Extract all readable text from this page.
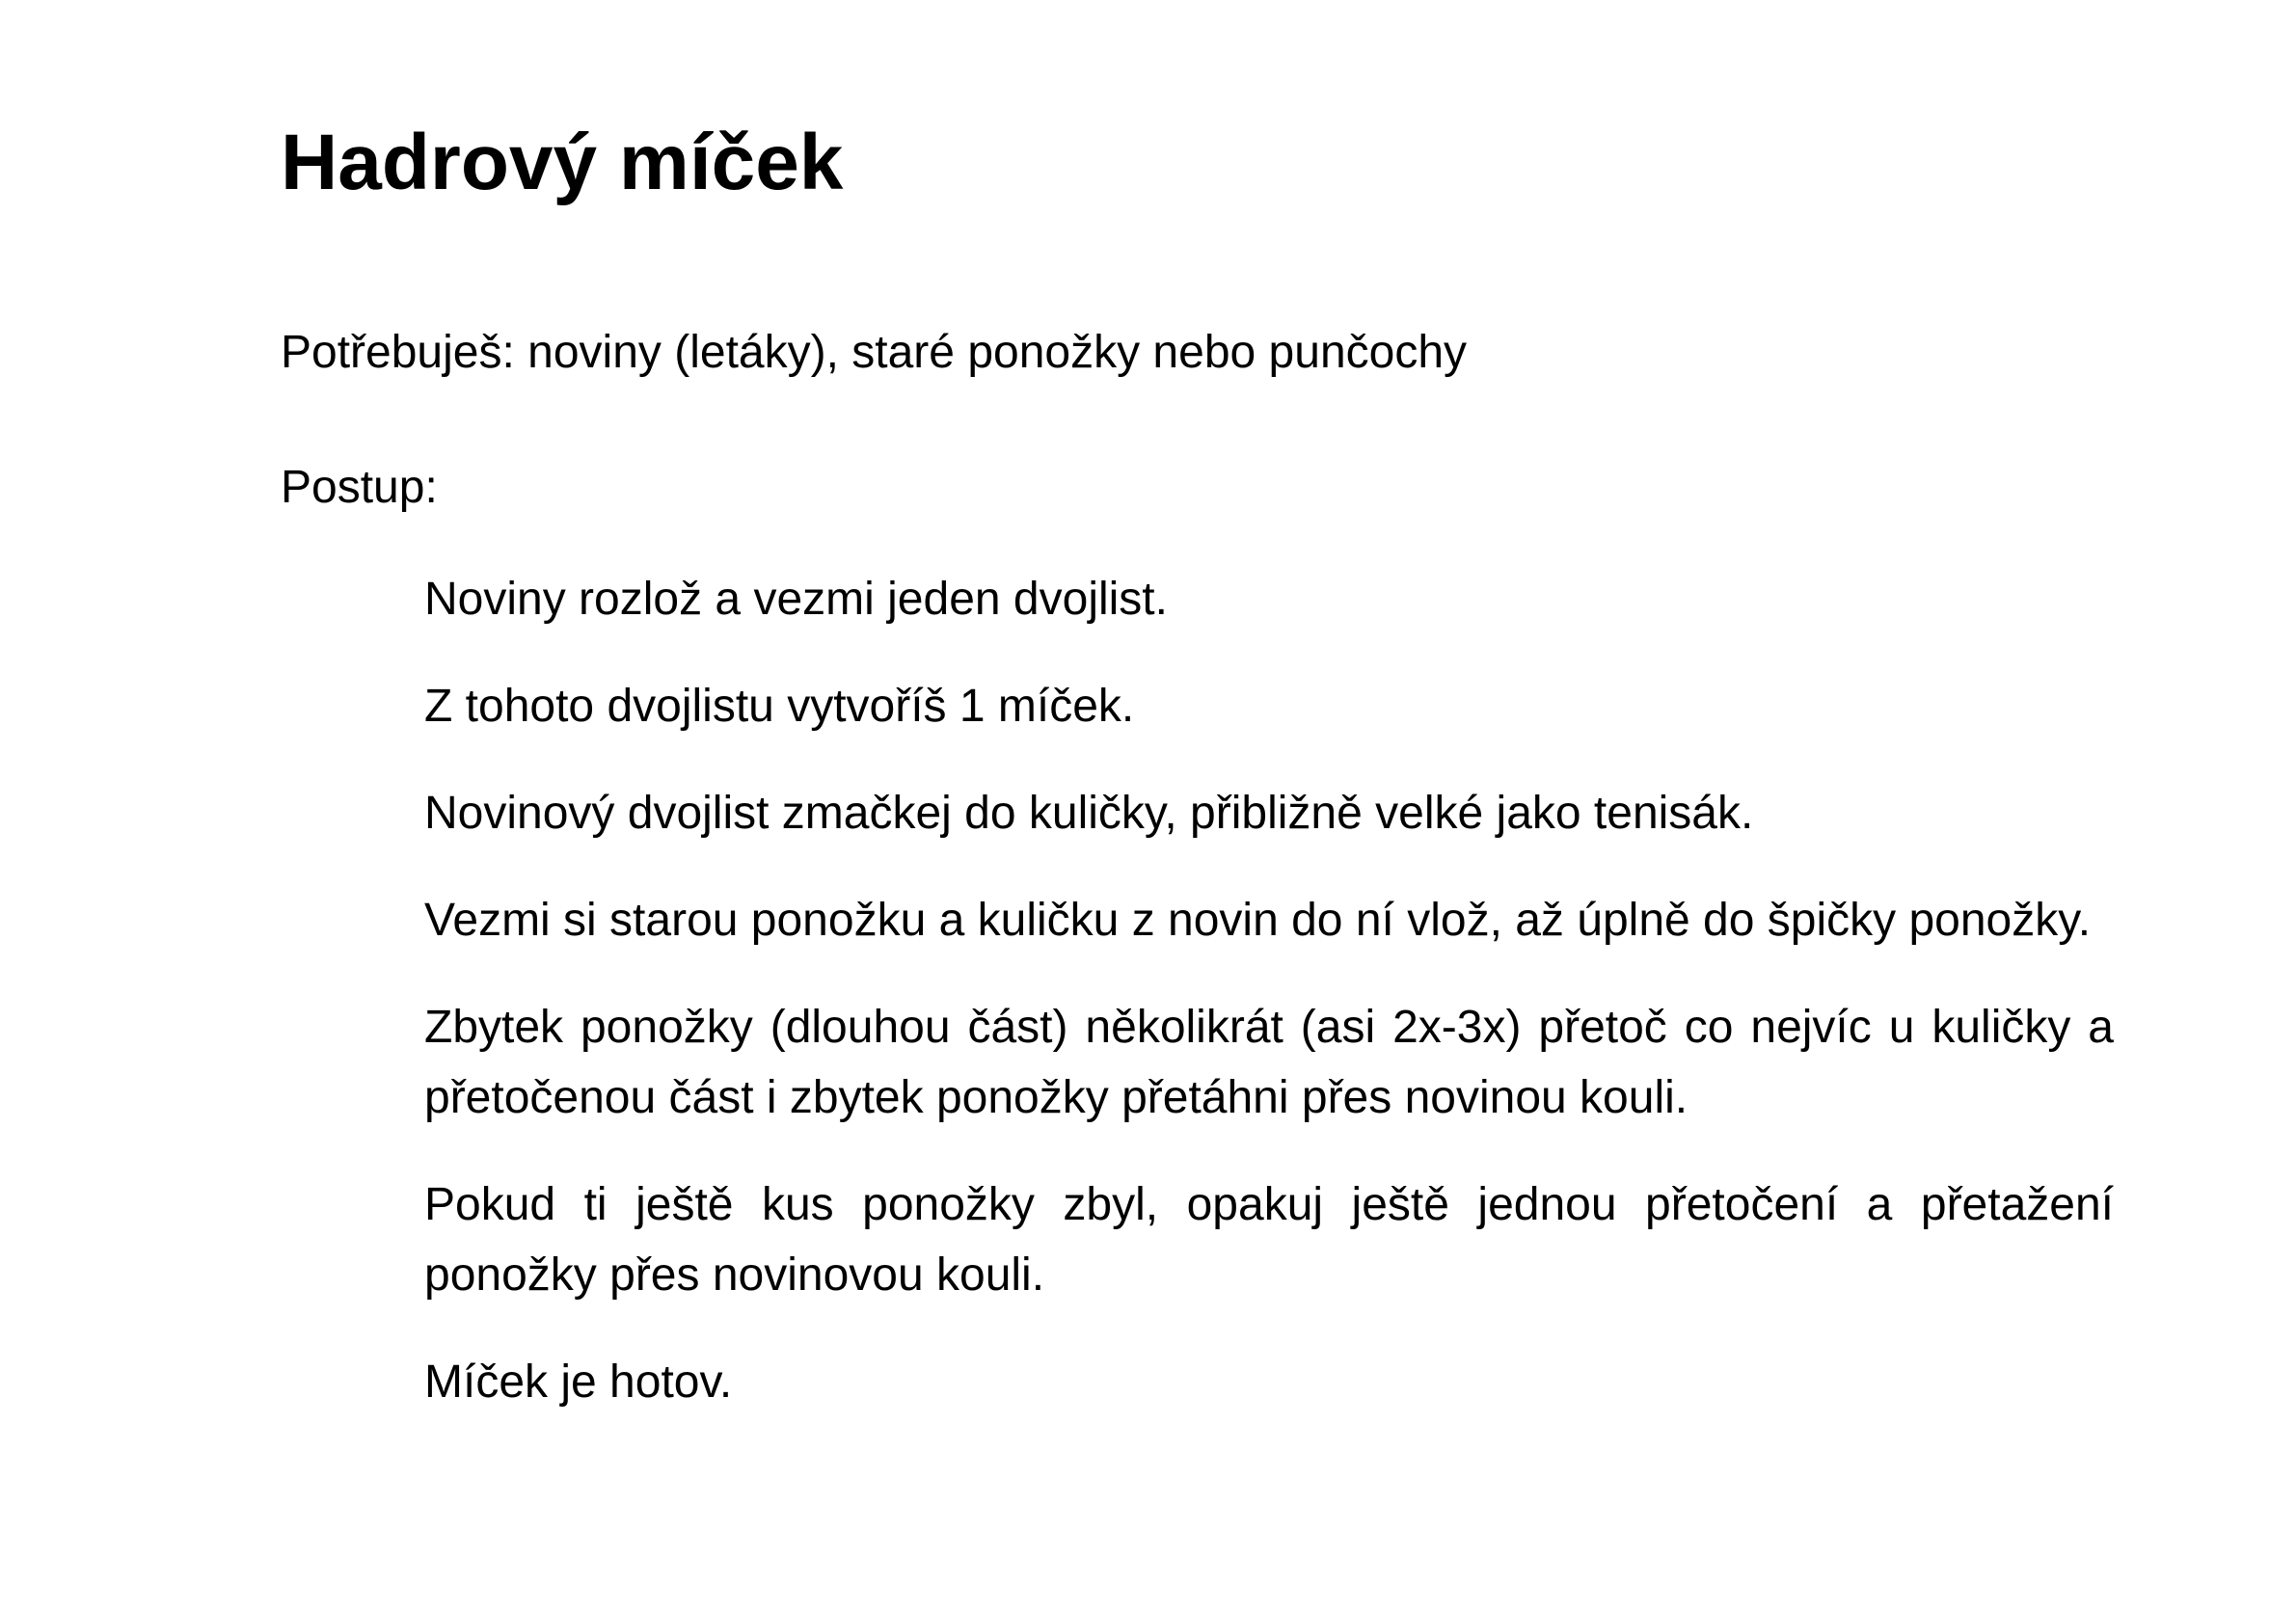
Hadrový míček

Potřebuješ: noviny (letáky), staré ponožky nebo punčochy

Postup:

Noviny rozlož a vezmi jeden dvojlist.
Z tohoto dvojlistu vytvoříš 1 míček.
Novinový dvojlist zmačkej do kuličky, přibližně velké jako tenisák.
Vezmi si starou ponožku a kuličku z novin do ní vlož, až úplně do špičky ponožky.
Zbytek ponožky (dlouhou část) několikrát (asi 2x-3x) přetoč co nejvíc u kuličky a přetočenou část i zbytek ponožky přetáhni přes novinou kouli.
Pokud ti ještě kus ponožky zbyl, opakuj ještě jednou přetočení a přetažení ponožky přes novinovou kouli.
Míček je hotov.
